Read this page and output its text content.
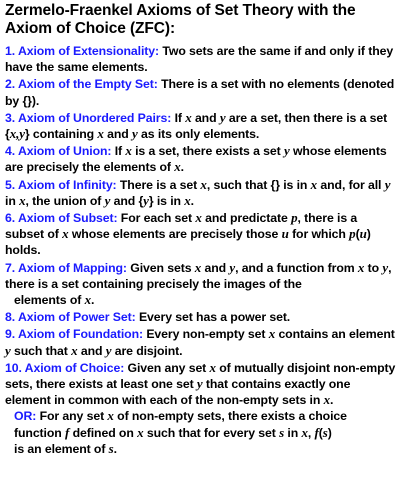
Zermelo-Fraenkel Axioms of Set Theory with the Axiom of Choice (ZFC):
1. Axiom of Extensionality: Two sets are the same if and only if they have the same elements.
2. Axiom of the Empty Set: There is a set with no elements (denoted by {}).
3. Axiom of Unordered Pairs: If x and y are a set, then there is a set {x,y} containing x and y as its only elements.
4. Axiom of Union: If x is a set, there exists a set y whose elements are precisely the elements of x.
5. Axiom of Infinity: There is a set x, such that {} is in x and, for all y in x, the union of y and {y} is in x.
6. Axiom of Subset: For each set x and predictate p, there is a subset of x whose elements are precisely those u for which p(u) holds.
7. Axiom of Mapping: Given sets x and y, and a function from x to y, there is a set containing precisely the images of the
elements of x.
8. Axiom of Power Set: Every set has a power set.
9. Axiom of Foundation: Every non-empty set x contains an element y such that x and y are disjoint.
10. Axiom of Choice: Given any set x of mutually disjoint non-empty sets, there exists at least one set y that contains exactly one element in common with each of the non-empty sets in x.
OR: For any set x of non-empty sets, there exists a choice function f defined on x such that for every set s in x, f(s)
is an element of s.
